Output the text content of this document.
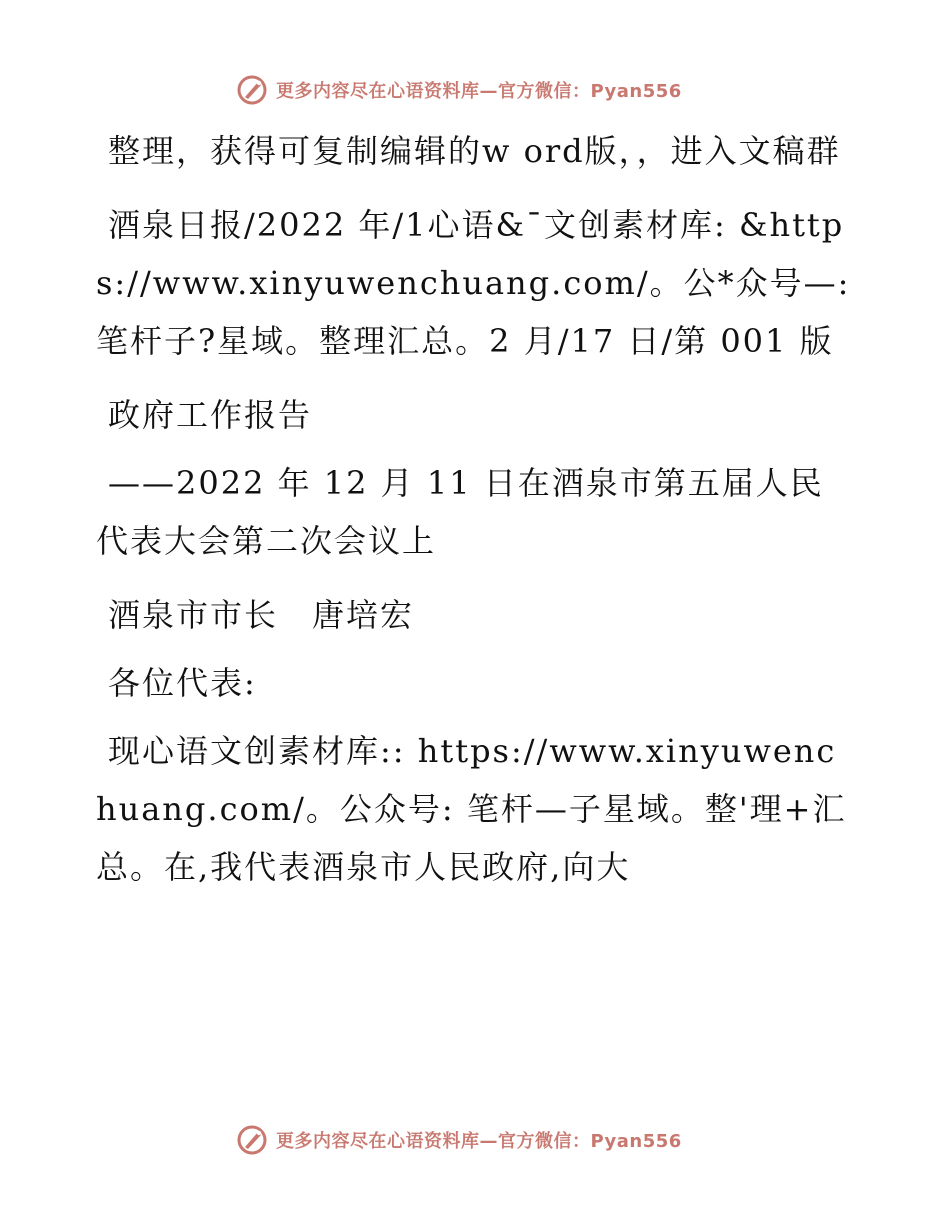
更多内容尽在心语资料库—官方微信：Pyan556

整理，获得可复制编辑的w ord版，，进入文稿群

酒泉日报/2022 年/1心语&¯文创素材库: &https://www.xinyuwenchuang.com/。公*众号—: 笔杆子?星域。整理汇总。2 月/17 日/第 001 版

政府工作报告

——2022 年 12 月 11 日在酒泉市第五届人民代表大会第二次会议上

酒泉市市长　唐培宏

各位代表:

现心语文创素材库:: https://www.xinyuwenchuang.com/。公众号: 笔杆—子星域。整'理+汇总。在,我代表酒泉市人民政府,向大

更多内容尽在心语资料库—官方微信：Pyan556
